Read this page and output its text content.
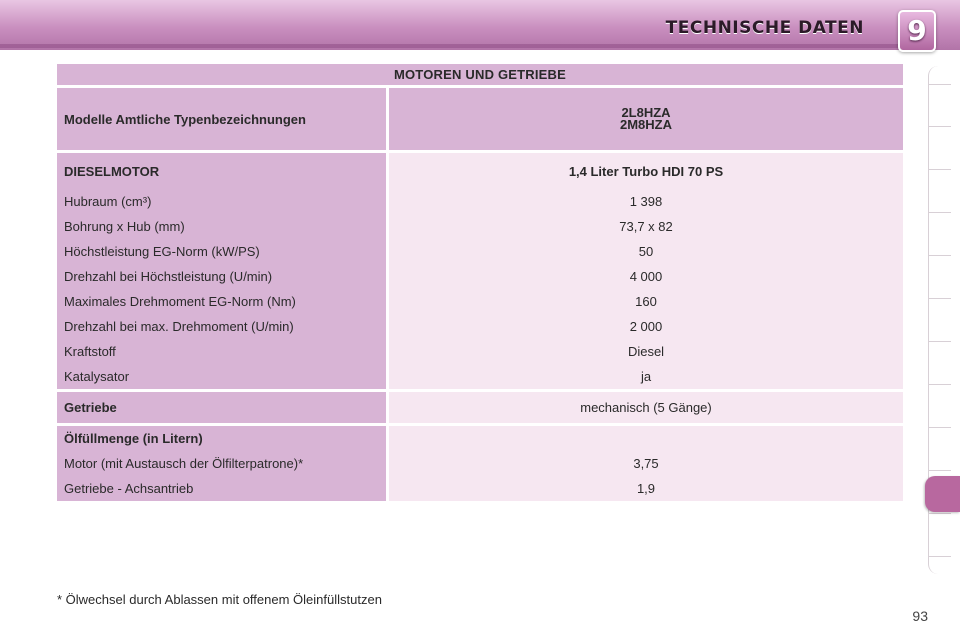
TECHNISCHE DATEN	9
MOTOREN UND GETRIEBE	
Modelle Amtliche Typenbezeichnungen	2L8HZA
2M8HZA

DIESELMOTOR	1,4 Liter Turbo HDI 70 PS
Hubraum (cm³)	1 398
Bohrung x Hub (mm)	73,7 x 82
Höchstleistung EG-Norm (kW/PS)	50
Drehzahl bei Höchstleistung (U/min)	4 000
Maximales Drehmoment EG-Norm (Nm)	160
Drehzahl bei max. Drehmoment (U/min)	2 000
Kraftstoff	Diesel
Katalysator	ja
Getriebe	mechanisch (5 Gänge)
Ölfüllmenge (in Litern)	
Motor (mit Austausch der Ölfilterpatrone)*	3,75
Getriebe - Achsantrieb	1,9
* Ölwechsel durch Ablassen mit offenem Öleinfüllstutzen
93
